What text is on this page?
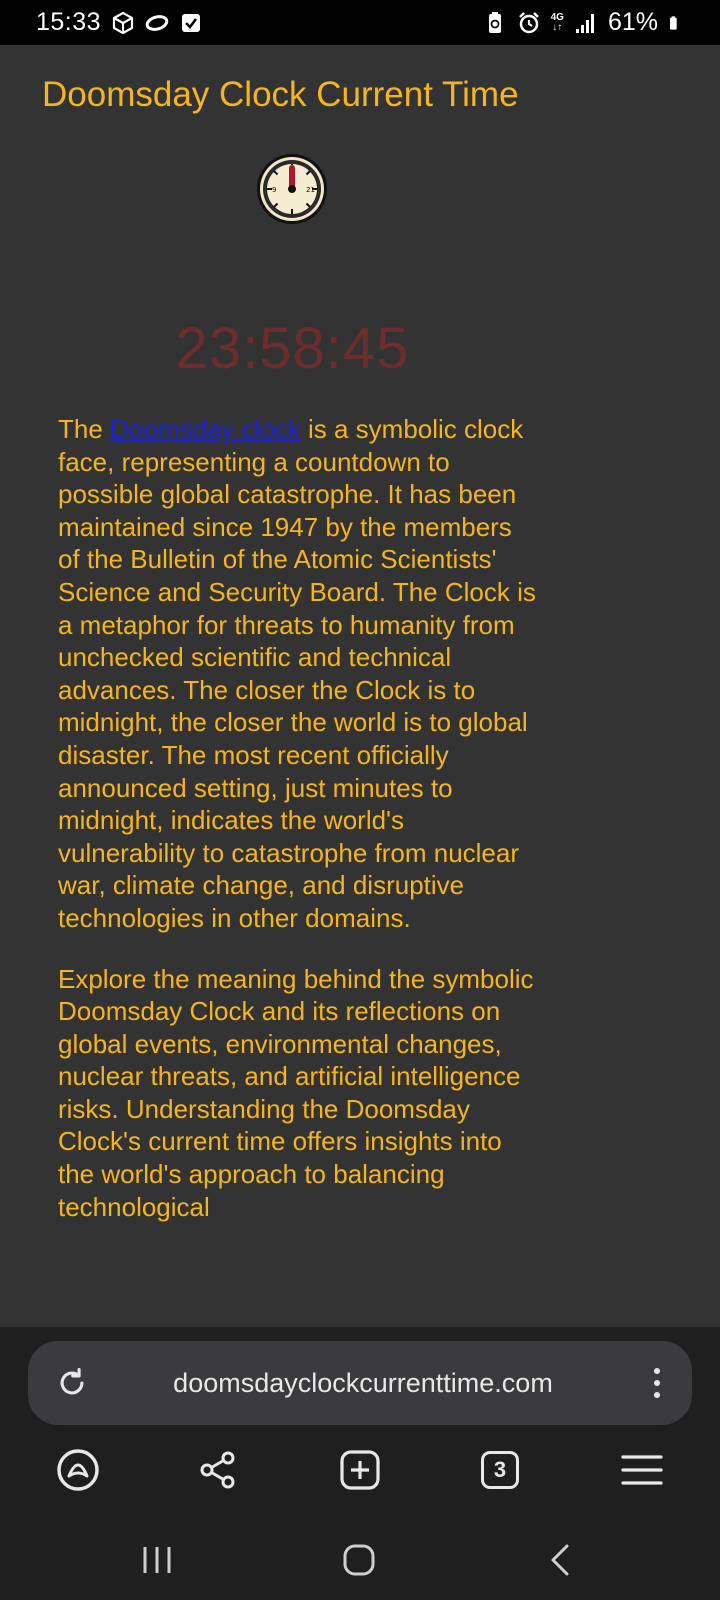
15:33	4G
↓↑ 61%
Doomsday Clock Current Time
9	21
23:58:45

The Doomsday clock is a symbolic clock face, representing a countdown to possible global catastrophe. It has been maintained since 1947 by the members of the Bulletin of the Atomic Scientists' Science and Security Board. The Clock is a metaphor for threats to humanity from unchecked scientific and technical advances. The closer the Clock is to midnight, the closer the world is to global disaster. The most recent officially announced setting, just minutes to midnight, indicates the world's vulnerability to catastrophe from nuclear war, climate change, and disruptive technologies in other domains.

Explore the meaning behind the symbolic Doomsday Clock and its reflections on global events, environmental changes, nuclear threats, and artificial intelligence risks. Understanding the Doomsday Clock's current time offers insights into the world's approach to balancing technological

doomsdayclockcurrenttime.com
3
